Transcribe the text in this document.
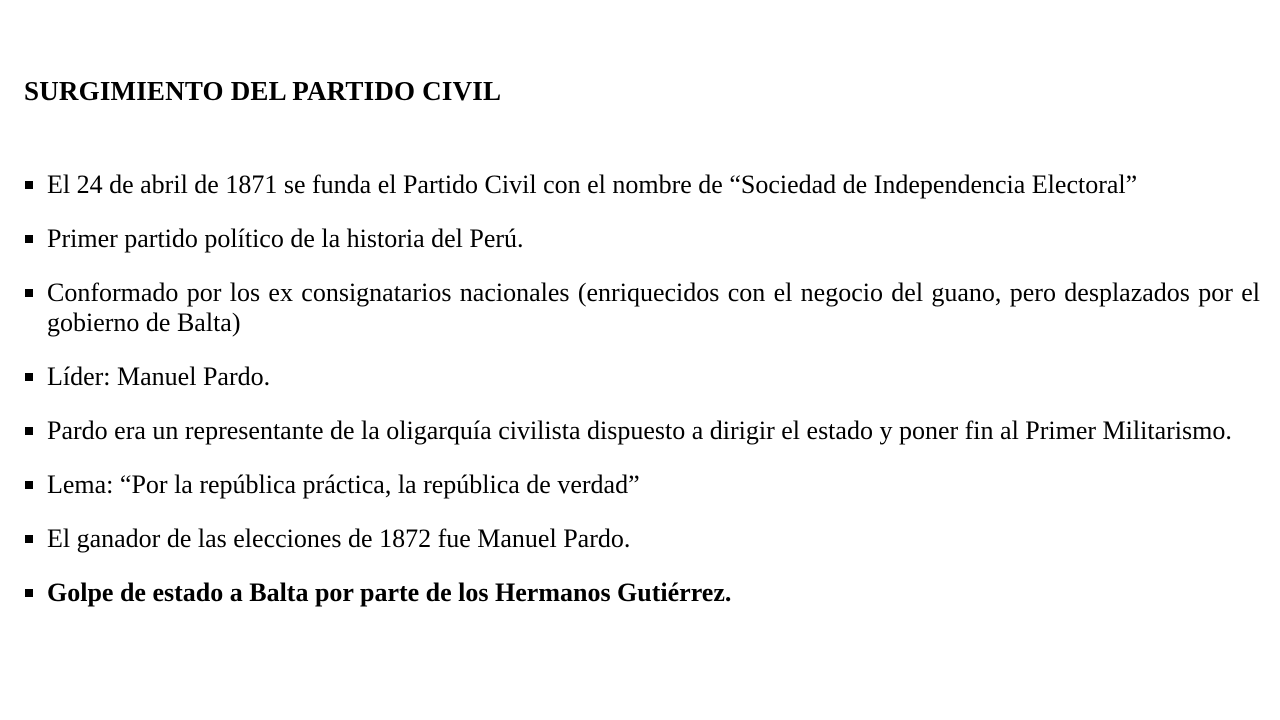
SURGIMIENTO DEL PARTIDO CIVIL
El 24 de abril de 1871 se funda el Partido Civil con el nombre de “Sociedad de Independencia Electoral”
Primer partido político de la historia del Perú.
Conformado por los ex consignatarios nacionales (enriquecidos con el negocio del guano, pero desplazados por el gobierno de Balta)
Líder: Manuel Pardo.
Pardo era un representante de la oligarquía civilista dispuesto a dirigir el estado y poner fin al Primer Militarismo.
Lema: “Por la república práctica, la república de verdad”
El ganador de las elecciones de 1872 fue Manuel Pardo.
Golpe de estado a Balta por parte de los Hermanos Gutiérrez.
